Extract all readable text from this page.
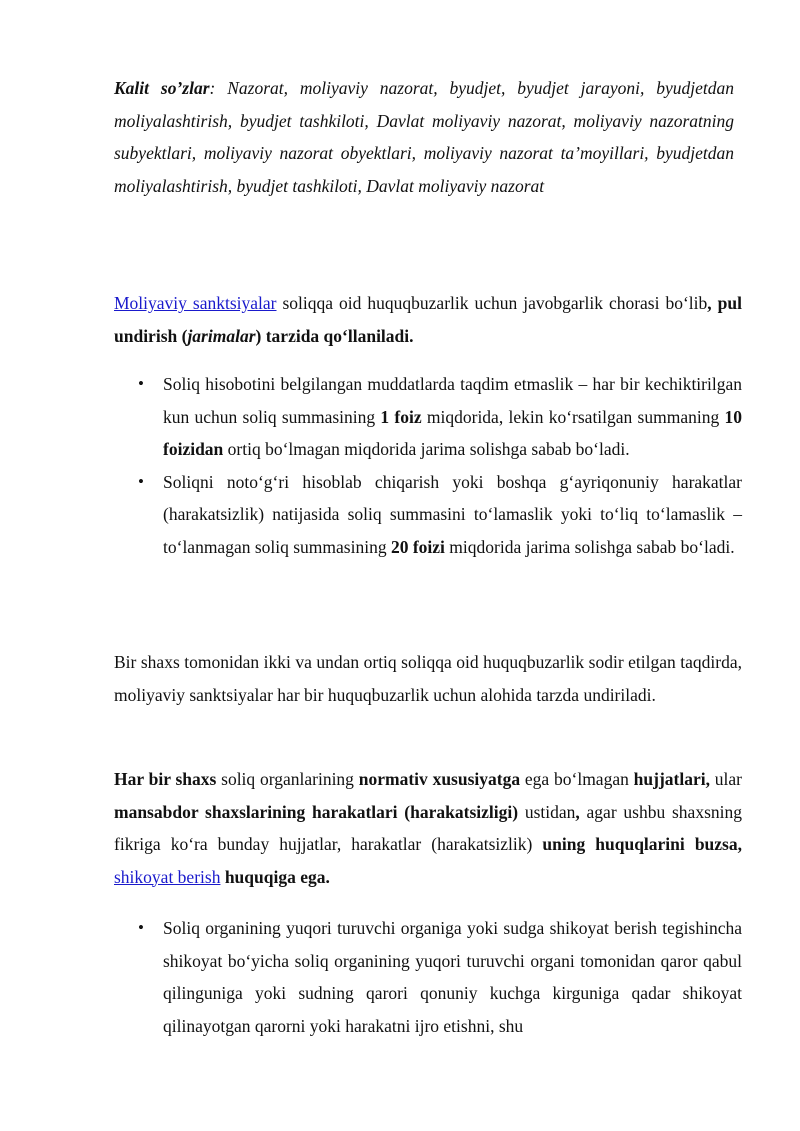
Kalit so’zlar: Nazorat, moliyaviy nazorat, byudjet, byudjet jarayoni, byudjetdan moliyalashtirish, byudjet tashkiloti, Davlat moliyaviy nazorat, moliyaviy nazoratning subyektlari, moliyaviy nazorat obyektlari, moliyaviy nazorat ta’moyillari, byudjetdan moliyalashtirish, byudjet tashkiloti, Davlat moliyaviy nazorat
Moliyaviy sanktsiyalar soliqqa oid huquqbuzarlik uchun javobgarlik chorasi bo‘lib, pul undirish (jarimalar) tarzida qo‘llaniladi.
• Soliq hisobotini belgilangan muddatlarda taqdim etmaslik – har bir kechiktirilgan kun uchun soliq summasining 1 foiz miqdorida, lekin ko‘rsatilgan summaning 10 foizidan ortiq bo‘lmagan miqdorida jarima solishga sabab bo‘ladi.
• Soliqni noto‘g‘ri hisoblab chiqarish yoki boshqa g‘ayriqonuniy harakatlar (harakatsizlik) natijasida soliq summasini to‘lamaslik yoki to‘liq to‘lamaslik – to‘lanmagan soliq summasining 20 foizi miqdorida jarima solishga sabab bo‘ladi.
Bir shaxs tomonidan ikki va undan ortiq soliqqa oid huquqbuzarlik sodir etilgan taqdirda, moliyaviy sanktsiyalar har bir huquqbuzarlik uchun alohida tarzda undiriladi.
Har bir shaxs soliq organlarining normativ xususiyatga ega bo‘lmagan hujjatlari, ular mansabdor shaxslarining harakatlari (harakatsizligi) ustidan, agar ushbu shaxsning fikriga ko‘ra bunday hujjatlar, harakatlar (harakatsizlik) uning huquqlarini buzsa, shikoyat berish huquqiga ega.
• Soliq organining yuqori turuvchi organiga yoki sudga shikoyat berish tegishincha shikoyat bo‘yicha soliq organining yuqori turuvchi organi tomonidan qaror qabul qilinguniga yoki sudning qarori qonuniy kuchga kirguniga qadar shikoyat qilinayotgan qarorni yoki harakatni ijro etishni, shu
